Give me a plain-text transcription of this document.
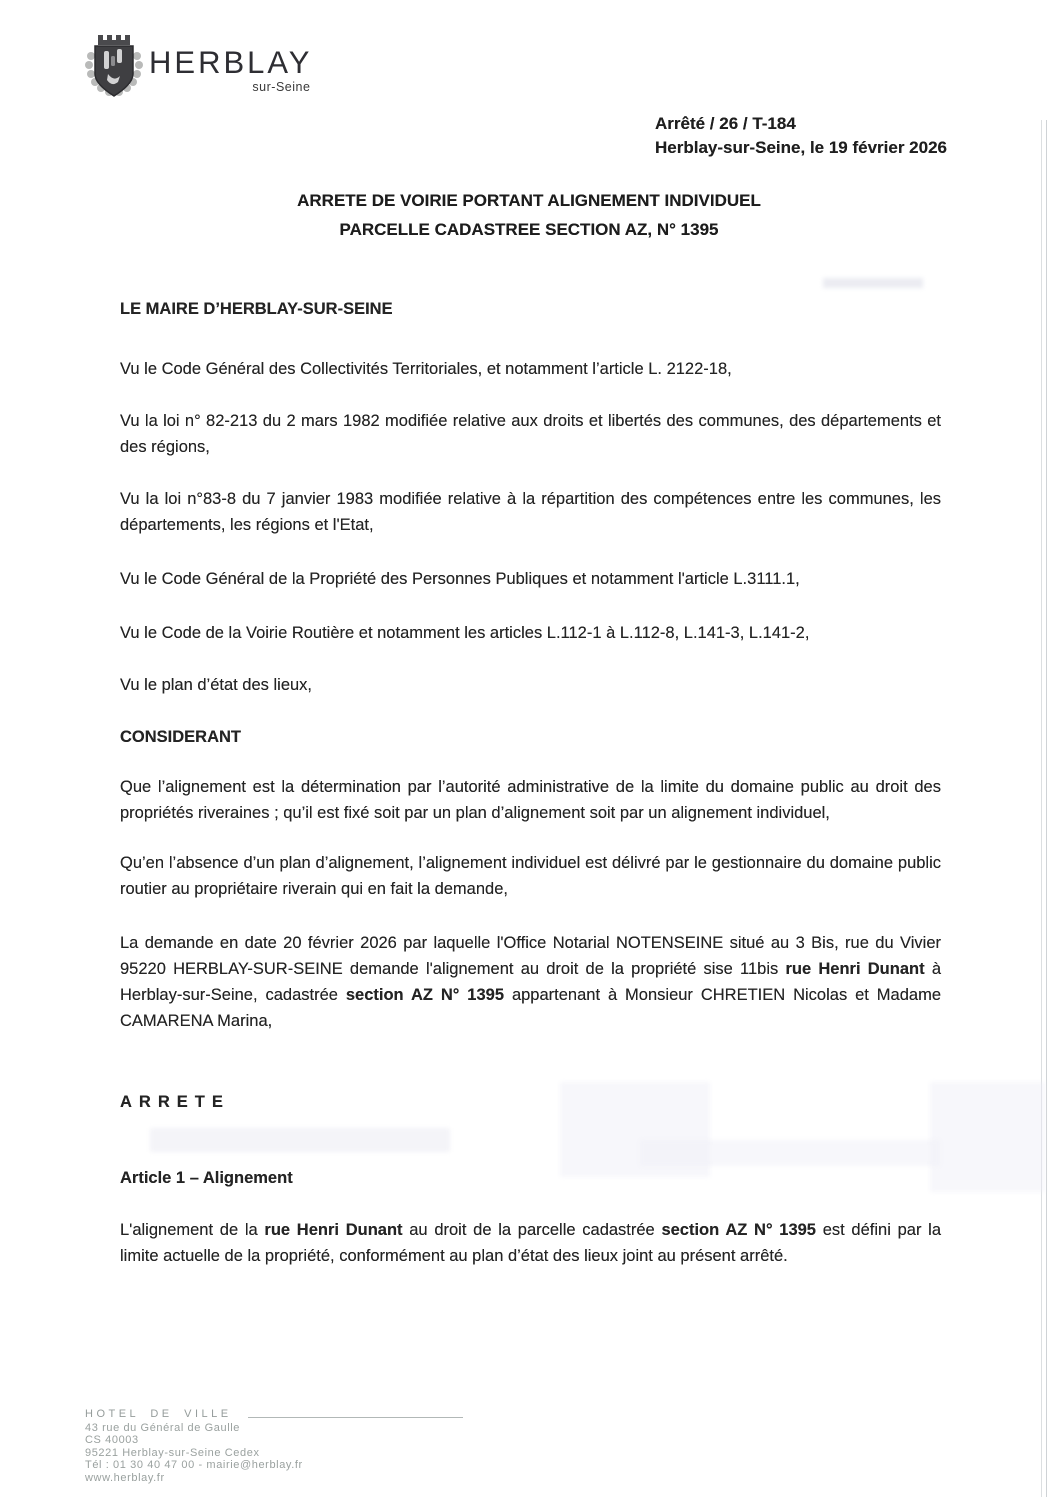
HERBLAY
sur-Seine
Arrêté / 26 / T-184
Herblay-sur-Seine, le 19 février 2026
ARRETE DE VOIRIE PORTANT ALIGNEMENT INDIVIDUEL
PARCELLE CADASTREE SECTION AZ, N° 1395

LE MAIRE D’HERBLAY-SUR-SEINE

Vu le Code Général des Collectivités Territoriales, et notamment l’article L. 2122-18,

Vu la loi n° 82-213 du 2 mars 1982 modifiée relative aux droits et libertés des communes, des départements et des régions,

Vu la loi n°83-8 du 7 janvier 1983 modifiée relative à la répartition des compétences entre les communes, les départements, les régions et l'Etat,

Vu le Code Général de la Propriété des Personnes Publiques et notamment l'article L.3111.1,

Vu le Code de la Voirie Routière et notamment les articles L.112-1 à L.112-8, L.141-3, L.141-2,

Vu le plan d’état des lieux,

CONSIDERANT

Que l’alignement est la détermination par l’autorité administrative de la limite du domaine public au droit des propriétés riveraines ; qu’il est fixé soit par un plan d’alignement soit par un alignement individuel,

Qu’en l’absence d’un plan d’alignement, l’alignement individuel est délivré par le gestionnaire du domaine public routier au propriétaire riverain qui en fait la demande,

La demande en date 20 février 2026 par laquelle l'Office Notarial NOTENSEINE situé au 3 Bis, rue du Vivier 95220 HERBLAY-SUR-SEINE demande l'alignement au droit de la propriété sise 11bis rue Henri Dunant à Herblay-sur-Seine, cadastrée section AZ N° 1395 appartenant à Monsieur CHRETIEN Nicolas et Madame CAMARENA Marina,

ARRETE

Article 1 – Alignement

L'alignement de la rue Henri Dunant au droit de la parcelle cadastrée section AZ N° 1395 est défini par la limite actuelle de la propriété, conformément au plan d’état des lieux joint au présent arrêté.

HOTEL DE VILLE
43 rue du Général de Gaulle
CS 40003
95221 Herblay-sur-Seine Cedex
Tél : 01 30 40 47 00 - mairie@herblay.fr
www.herblay.fr
